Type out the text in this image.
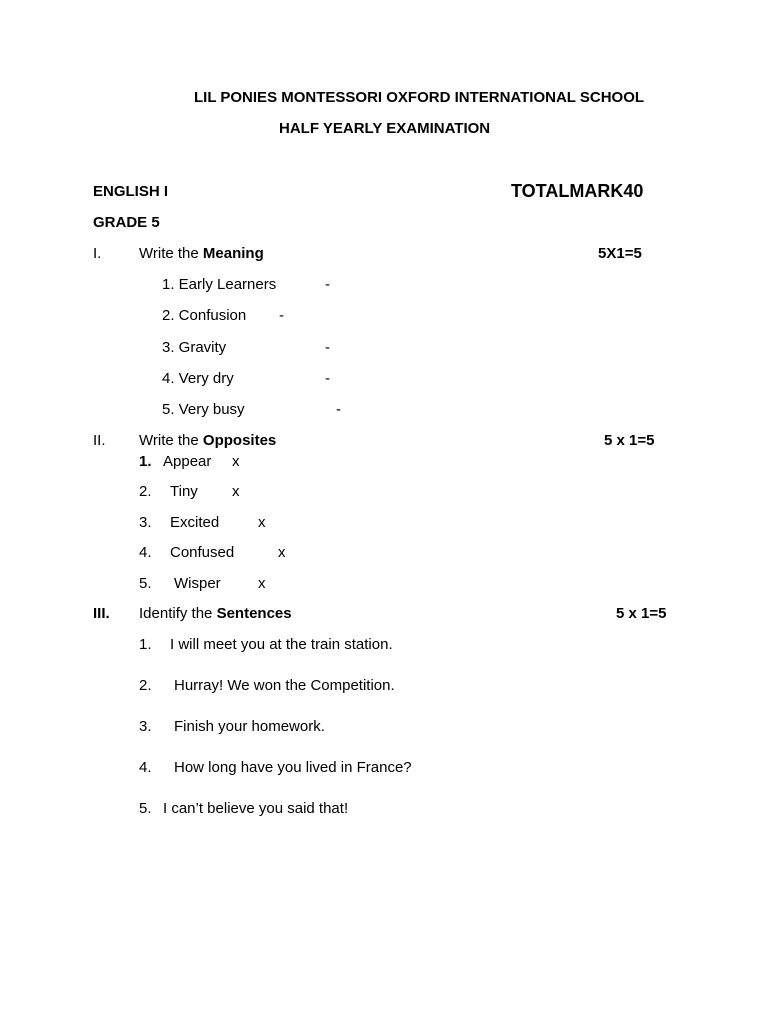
LIL PONIES MONTESSORI OXFORD INTERNATIONAL SCHOOL
HALF YEARLY EXAMINATION
ENGLISH I	TOTALMARK40
GRADE 5
I.	Write the Meaning	5X1=5
1. Early Learners	-
2. Confusion -
3. Gravity	-
4. Very dry	-
5. Very busy	-
II. Write the Opposites	5 x 1=5
1. Appear x
2. Tiny x
3. Excited	x
4. Confused	x
5. Wisper x
III. Identify the Sentences	5 x 1=5
1. I will meet you at the train station.
2. Hurray! We won the Competition.
3. Finish your homework.
4. How long have you lived in France?
5. I can’t believe you said that!
